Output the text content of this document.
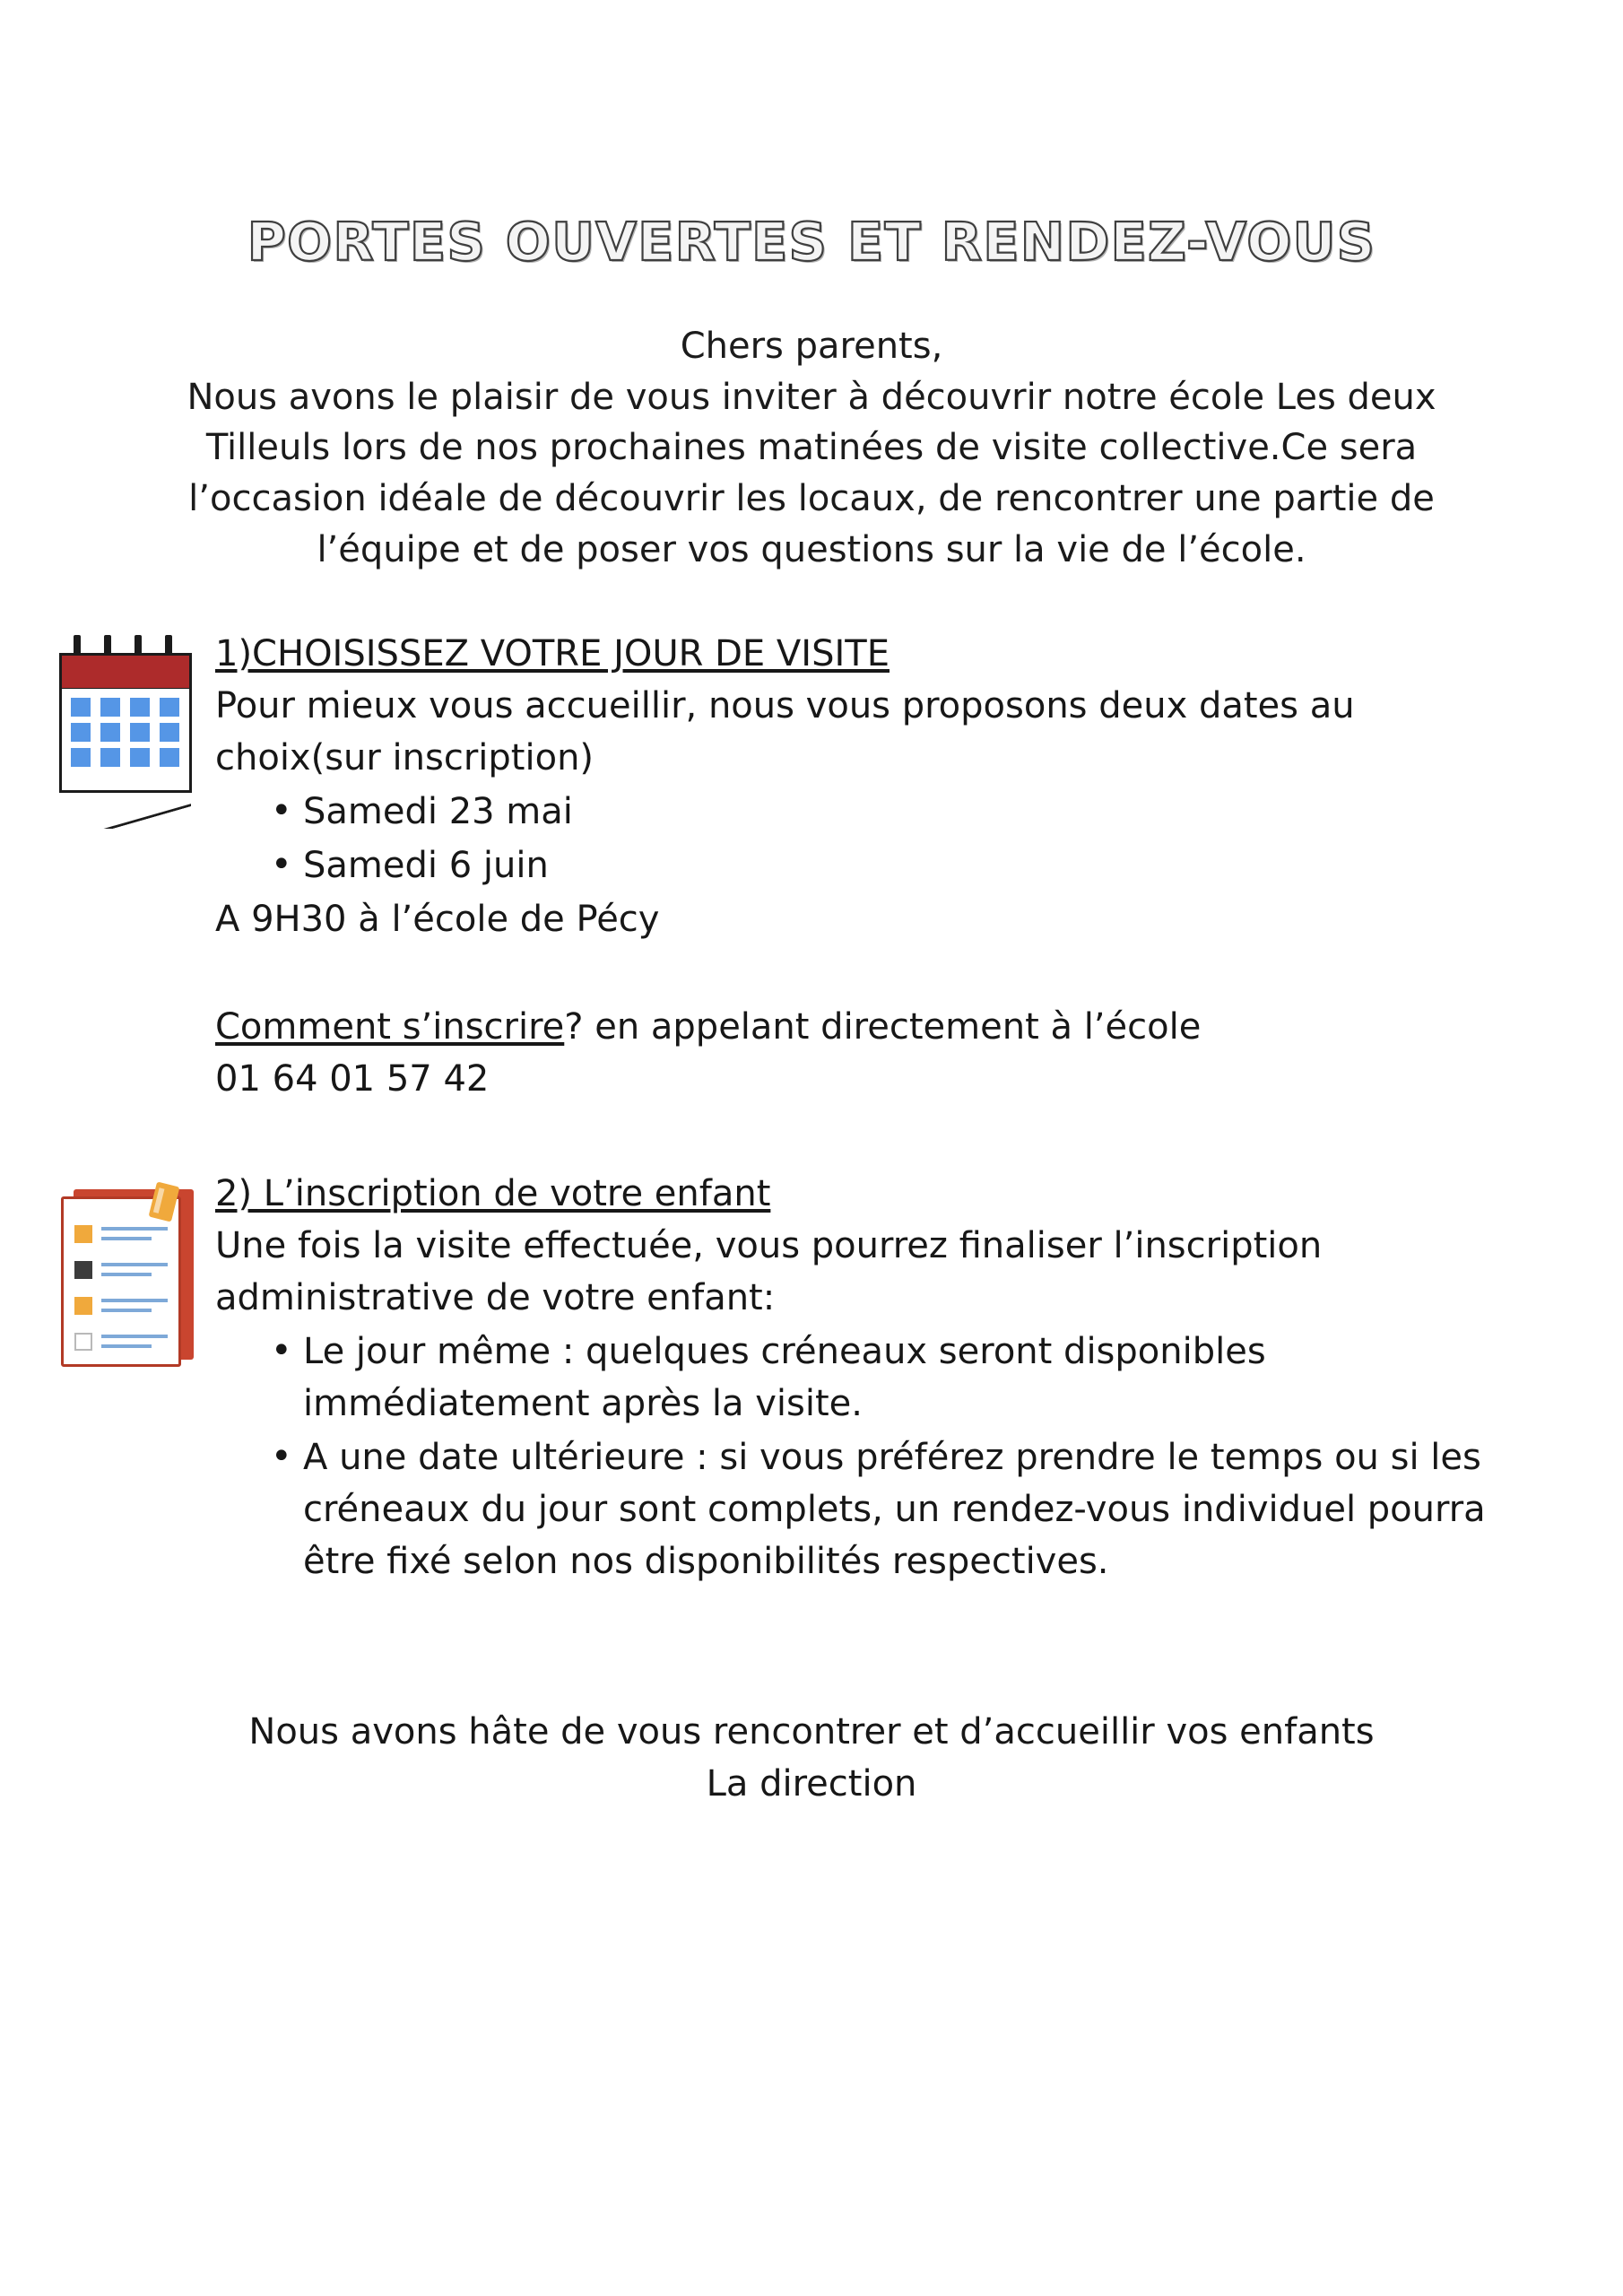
PORTES OUVERTES ET RENDEZ-VOUS
Chers parents,
Nous avons le plaisir de vous inviter à découvrir notre école Les deux
Tilleuls lors de nos prochaines matinées de visite collective.Ce sera
l’occasion idéale de découvrir les locaux, de rencontrer une partie de
l’équipe et de poser vos questions sur la vie de l’école.
1)CHOISISSEZ VOTRE JOUR DE VISITE

Pour mieux vous accueillir, nous vous proposons deux dates au

choix(sur inscription)

• Samedi 23 mai
• Samedi 6 juin

A 9H30 à l’école de Pécy

Comment s’inscrire? en appelant directement à l’école

01 64 01 57 42

2) L’inscription de votre enfant

Une fois la visite effectuée, vous pourrez finaliser l’inscription

administrative de votre enfant:

• Le jour même : quelques créneaux seront disponibles immédiatement après la visite.
• A une date ultérieure : si vous préférez prendre le temps ou si les créneaux du jour sont complets, un rendez-vous individuel pourra être fixé selon nos disponibilités respectives.
Nous avons hâte de vous rencontrer et d’accueillir vos enfants
La direction
